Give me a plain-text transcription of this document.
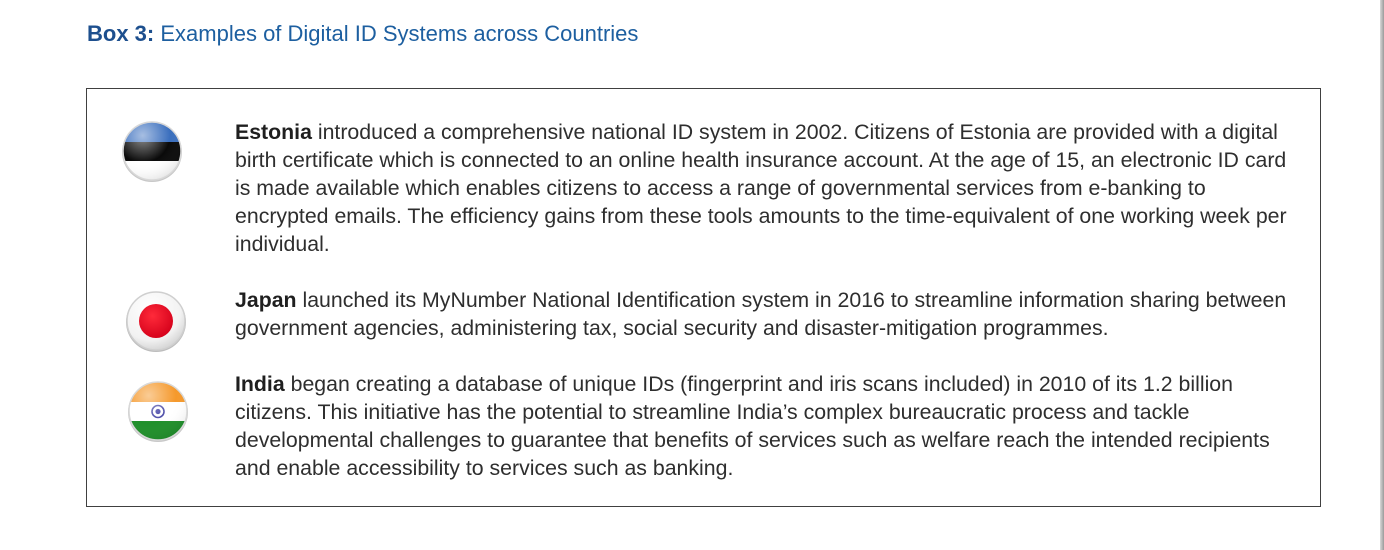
Box 3: Examples of Digital ID Systems across Countries
Estonia introduced a comprehensive national ID system in 2002. Citizens of Estonia are provided with a digital birth certificate which is connected to an online health insurance account. At the age of 15, an electronic ID card is made available which enables citizens to access a range of governmental services from e-banking to encrypted emails. The efficiency gains from these tools amounts to the time-equivalent of one working week per individual.
Japan launched its MyNumber National Identification system in 2016 to streamline information sharing between government agencies, administering tax, social security and disaster-mitigation programmes.
India began creating a database of unique IDs (fingerprint and iris scans included) in 2010 of its 1.2 billion citizens. This initiative has the potential to streamline India’s complex bureaucratic process and tackle developmental challenges to guarantee that benefits of services such as welfare reach the intended recipients and enable accessibility to services such as banking.
